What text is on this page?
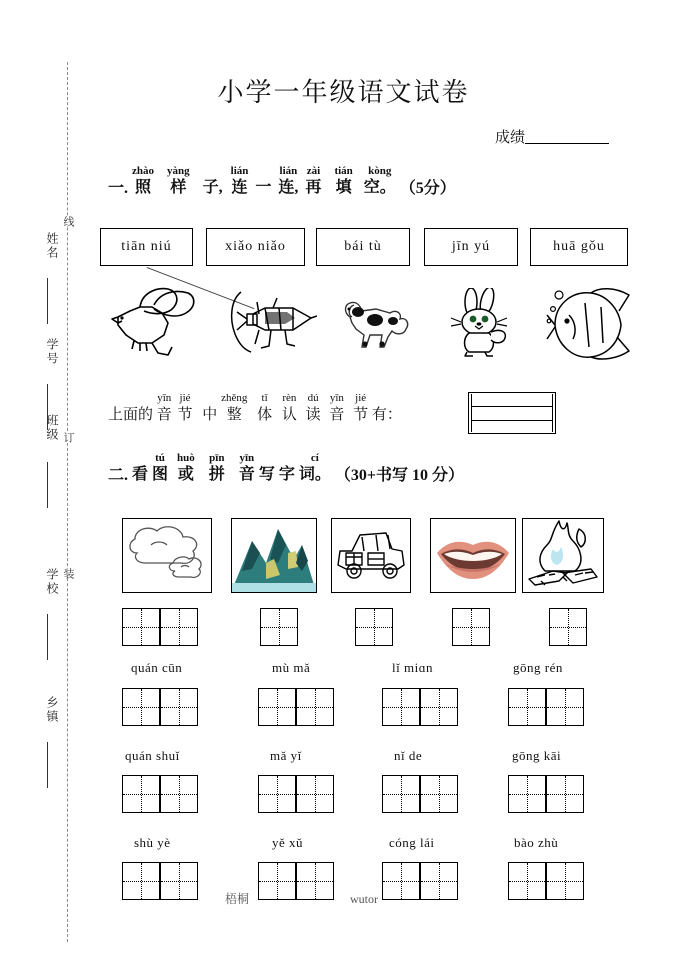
线
订
装
姓名
学号
班级
学校
乡镇
小学一年级语文试卷
成绩
一.
zhào
照

yàng
样
子,

lián
连
一

lián
连,

zài
再

tián
填

kòng
空。 （5分）
tiān niú	xiǎo niǎo	bái tù	jīn yú	huā gǒu
上面的

yīn
音

jié
节
中

zhěng
整

tǐ
体

rèn
认

dú
读

yīn
音

jié
节
有：
二. 看

tú
图

huò
或

pīn
拼

yīn
音
写
字

cí
词。 （30+书写 10 分）
quán cūn	mù mǎ	lǐ miɑn	gōng rén
quán shuǐ	mǎ yǐ	nǐ de	gōng kāi
shù yè	yě xǔ	cóng lái	bào zhù
梧桐	wutor
